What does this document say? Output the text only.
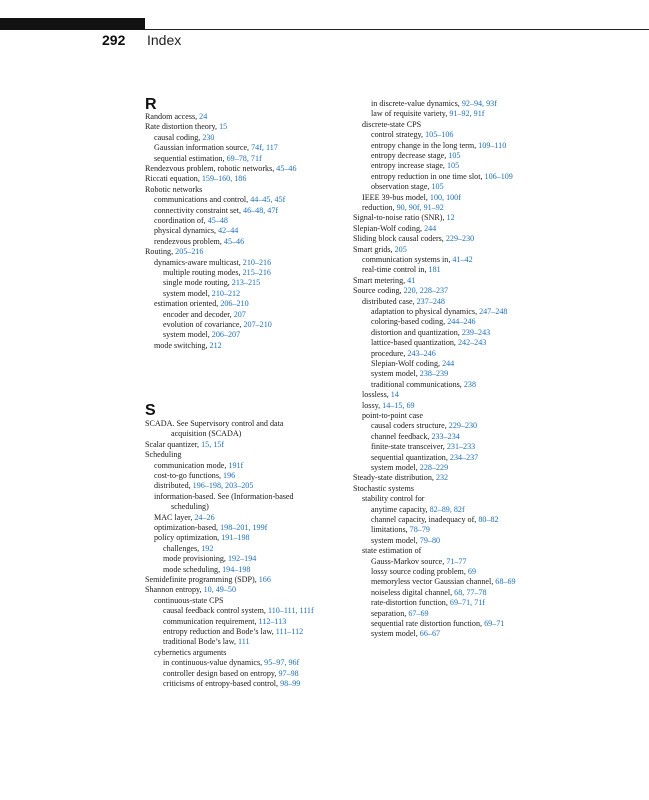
292 Index
R
S
Random access, 24
Rate distortion theory, 15
causal coding, 230
Gaussian information source, 74f, 117
sequential estimation, 69–78, 71f
Rendezvous problem, robotic networks, 45–46
Riccati equation, 159–160, 186
Robotic networks
communications and control, 44–45, 45f
connectivity constraint set, 46–48, 47f
coordination of, 45–48
physical dynamics, 42–44
rendezvous problem, 45–46
Routing, 205–216
dynamics-aware multicast, 210–216
multiple routing modes, 215–216
single mode routing, 213–215
system model, 210–212
estimation oriented, 206–210
encoder and decoder, 207
evolution of covariance, 207–210
system model, 206–207
mode switching, 212
SCADA. See Supervisory control and data
acquisition (SCADA)
Scalar quantizer, 15, 15f
Scheduling
communication mode, 191f
cost-to-go functions, 196
distributed, 196–198, 203–205
information-based. See (Information-based
scheduling)
MAC layer, 24–26
optimization-based, 198–201, 199f
policy optimization, 191–198
challenges, 192
mode provisioning, 192–194
mode scheduling, 194–198
Semidefinite programming (SDP), 166
Shannon entropy, 10, 49–50
continuous-state CPS
causal feedback control system, 110–111, 111f
communication requirement, 112–113
entropy reduction and Bode’s law, 111–112
traditional Bode’s law, 111
cybernetics arguments
in continuous-value dynamics, 95–97, 96f
controller design based on entropy, 97–98
criticisms of entropy-based control, 98–99
in discrete-value dynamics, 92–94, 93f
law of requisite variety, 91–92, 91f
discrete-state CPS
control strategy, 105–106
entropy change in the long term, 109–110
entropy decrease stage, 105
entropy increase stage, 105
entropy reduction in one time slot, 106–109
observation stage, 105
IEEE 39-bus model, 100, 100f
reduction, 90, 90f, 91–92
Signal-to-noise ratio (SNR), 12
Slepian-Wolf coding, 244
Sliding block causal coders, 229–230
Smart grids, 205
communication systems in, 41–42
real-time control in, 181
Smart metering, 41
Source coding, 220, 228–237
distributed case, 237–248
adaptation to physical dynamics, 247–248
coloring-based coding, 244–246
distortion and quantization, 239–243
lattice-based quantization, 242–243
procedure, 243–246
Slepian-Wolf coding, 244
system model, 238–239
traditional communications, 238
lossless, 14
lossy, 14–15, 69
point-to-point case
causal coders structure, 229–230
channel feedback, 233–234
finite-state transceiver, 231–233
sequential quantization, 234–237
system model, 228–229
Steady-state distribution, 232
Stochastic systems
stability control for
anytime capacity, 82–89, 82f
channel capacity, inadequacy of, 80–82
limitations, 78–79
system model, 79–80
state estimation of
Gauss-Markov source, 71–77
lossy source coding problem, 69
memoryless vector Gaussian channel, 68–69
noiseless digital channel, 68, 77–78
rate-distortion function, 69–71, 71f
separation, 67–69
sequential rate distortion function, 69–71
system model, 66–67
